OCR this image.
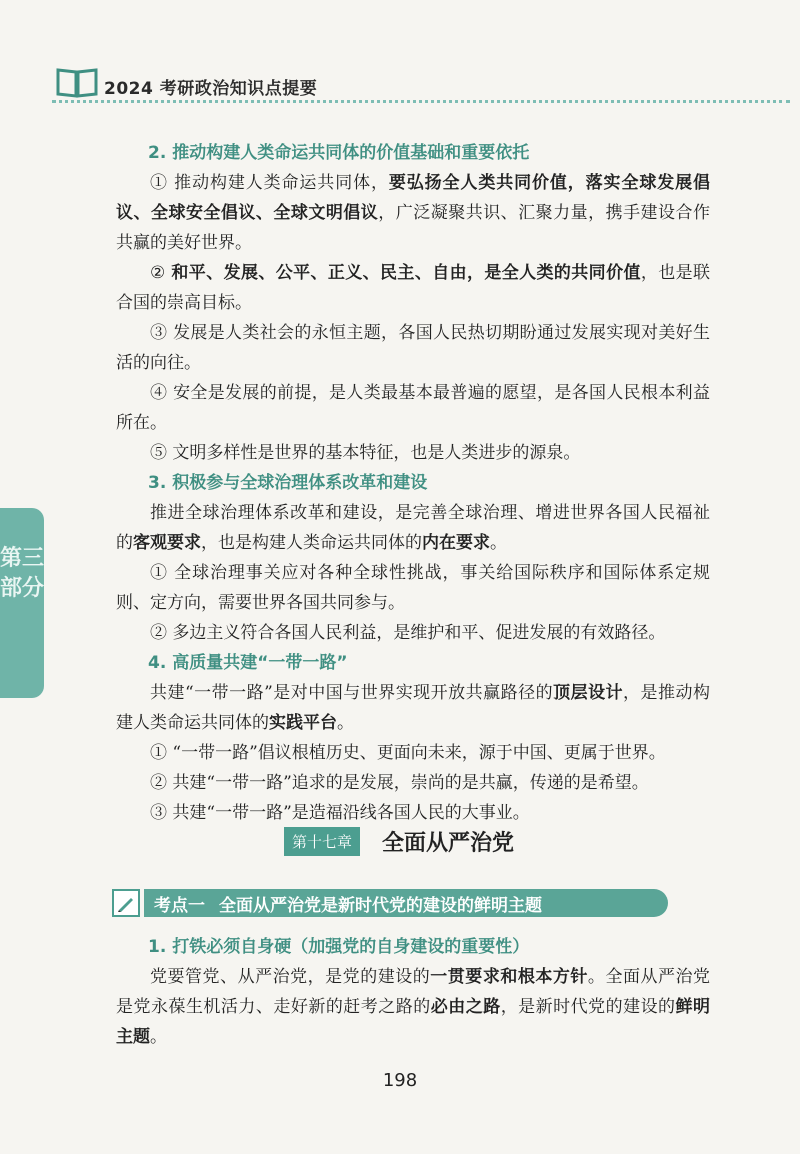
2024 考研政治知识点提要
第三部分

2. 推动构建人类命运共同体的价值基础和重要依托

① 推动构建人类命运共同体，要弘扬全人类共同价值，落实全球发展倡议、全球安全倡议、全球文明倡议，广泛凝聚共识、汇聚力量，携手建设合作共赢的美好世界。

② 和平、发展、公平、正义、民主、自由，是全人类的共同价值，也是联合国的崇高目标。

③ 发展是人类社会的永恒主题，各国人民热切期盼通过发展实现对美好生活的向往。

④ 安全是发展的前提，是人类最基本最普遍的愿望，是各国人民根本利益所在。

⑤ 文明多样性是世界的基本特征，也是人类进步的源泉。

3. 积极参与全球治理体系改革和建设

推进全球治理体系改革和建设，是完善全球治理、增进世界各国人民福祉的客观要求，也是构建人类命运共同体的内在要求。

① 全球治理事关应对各种全球性挑战，事关给国际秩序和国际体系定规则、定方向，需要世界各国共同参与。

② 多边主义符合各国人民利益，是维护和平、促进发展的有效路径。

4. 高质量共建“一带一路”

共建“一带一路”是对中国与世界实现开放共赢路径的顶层设计，是推动构建人类命运共同体的实践平台。

① “一带一路”倡议根植历史、更面向未来，源于中国、更属于世界。

② 共建“一带一路”追求的是发展，崇尚的是共赢，传递的是希望。

③ 共建“一带一路”是造福沿线各国人民的大事业。

第十七章	全面从严治党
考点一 全面从严治党是新时代党的建设的鲜明主题

1. 打铁必须自身硬（加强党的自身建设的重要性）

党要管党、从严治党，是党的建设的一贯要求和根本方针。全面从严治党是党永葆生机活力、走好新的赶考之路的必由之路，是新时代党的建设的鲜明主题。

198
